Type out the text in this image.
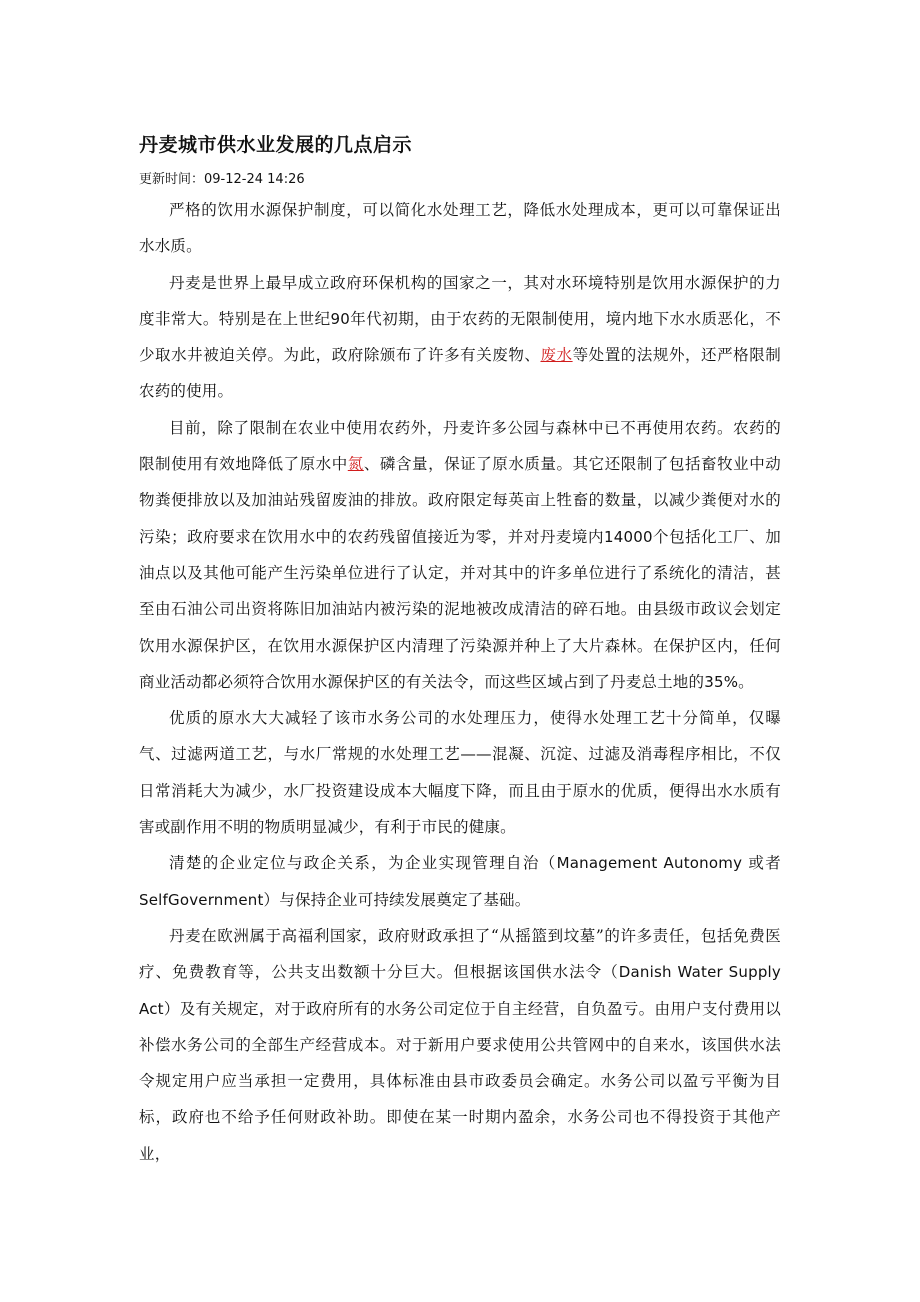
丹麦城市供水业发展的几点启示

更新时间：09-12-24 14:26

严格的饮用水源保护制度，可以简化水处理工艺，降低水处理成本，更可以可靠保证出水水质。

丹麦是世界上最早成立政府环保机构的国家之一，其对水环境特别是饮用水源保护的力度非常大。特别是在上世纪90年代初期，由于农药的无限制使用，境内地下水水质恶化，不少取水井被迫关停。为此，政府除颁布了许多有关废物、废水等处置的法规外，还严格限制农药的使用。

目前，除了限制在农业中使用农药外，丹麦许多公园与森林中已不再使用农药。农药的限制使用有效地降低了原水中氮、磷含量，保证了原水质量。其它还限制了包括畜牧业中动物粪便排放以及加油站残留废油的排放。政府限定每英亩上牲畜的数量，以减少粪便对水的污染；政府要求在饮用水中的农药残留值接近为零，并对丹麦境内14000个包括化工厂、加油点以及其他可能产生污染单位进行了认定，并对其中的许多单位进行了系统化的清洁，甚至由石油公司出资将陈旧加油站内被污染的泥地被改成清洁的碎石地。由县级市政议会划定饮用水源保护区，在饮用水源保护区内清理了污染源并种上了大片森林。在保护区内，任何商业活动都必须符合饮用水源保护区的有关法令，而这些区域占到了丹麦总土地的35%。

优质的原水大大减轻了该市水务公司的水处理压力，使得水处理工艺十分简单，仅曝气、过滤两道工艺，与水厂常规的水处理工艺——混凝、沉淀、过滤及消毒程序相比，不仅日常消耗大为减少，水厂投资建设成本大幅度下降，而且由于原水的优质，便得出水水质有害或副作用不明的物质明显减少，有利于市民的健康。

清楚的企业定位与政企关系，为企业实现管理自治（Management Autonomy 或者 SelfGovernment）与保持企业可持续发展奠定了基础。

丹麦在欧洲属于高福利国家，政府财政承担了“从摇篮到坟墓”的许多责任，包括免费医疗、免费教育等，公共支出数额十分巨大。但根据该国供水法令（Danish Water Supply Act）及有关规定，对于政府所有的水务公司定位于自主经营，自负盈亏。由用户支付费用以补偿水务公司的全部生产经营成本。对于新用户要求使用公共管网中的自来水，该国供水法令规定用户应当承担一定费用，具体标准由县市政委员会确定。水务公司以盈亏平衡为目标，政府也不给予任何财政补助。即使在某一时期内盈余，水务公司也不得投资于其他产业，
